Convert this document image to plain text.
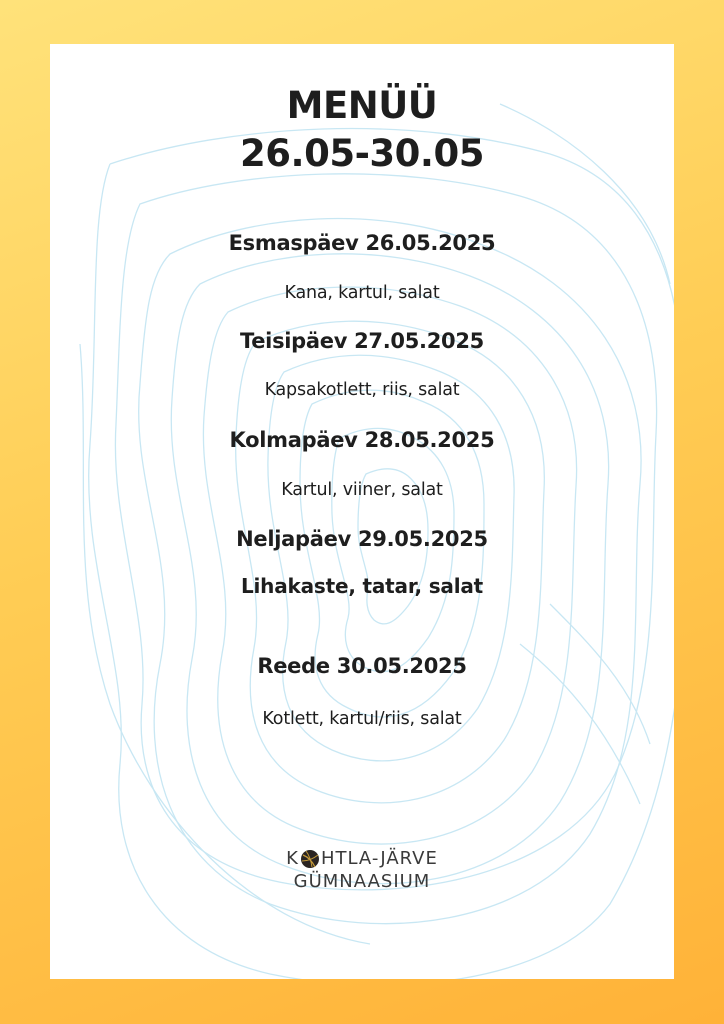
MENÜÜ
26.05-30.05

Esmaspäev 26.05.2025

Kana, kartul, salat

Teisipäev 27.05.2025

Kapsakotlett, riis, salat

Kolmapäev 28.05.2025

Kartul, viiner, salat

Neljapäev 29.05.2025

Lihakaste, tatar, salat

Reede 30.05.2025

Kotlett, kartul/riis, salat

K HTLA-JÄRVE
GÜMNAASIUM
